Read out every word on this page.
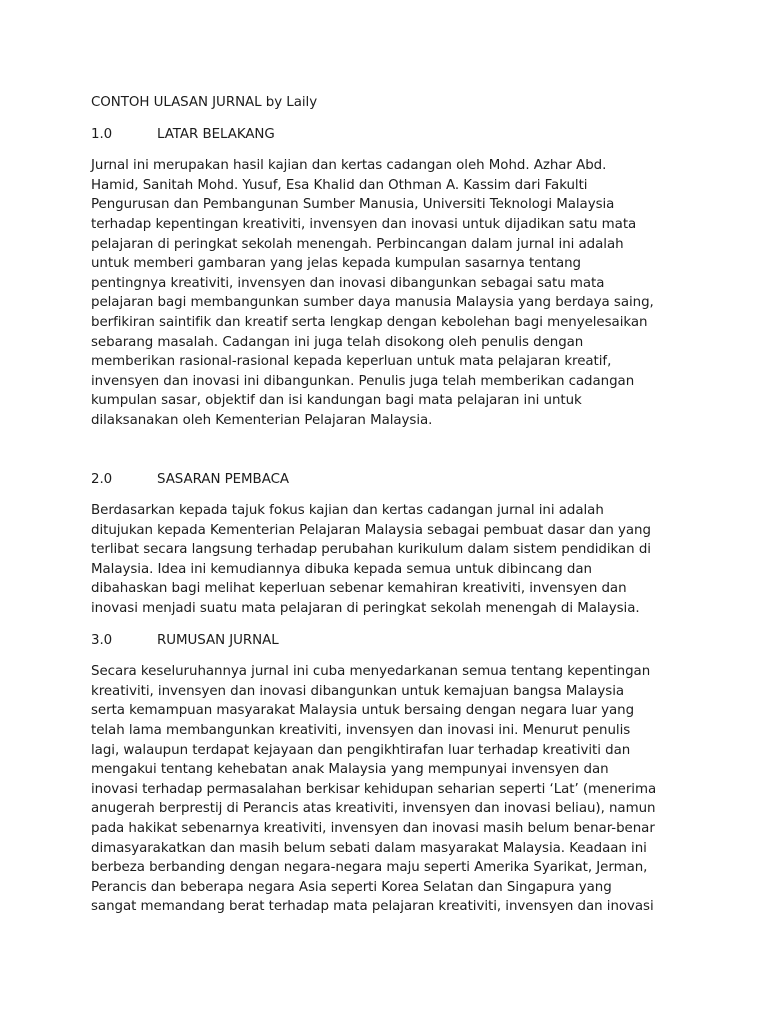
CONTOH ULASAN JURNAL by Laily
1.0	LATAR BELAKANG
Jurnal ini merupakan hasil kajian dan kertas cadangan oleh Mohd. Azhar Abd.
Hamid, Sanitah Mohd. Yusuf, Esa Khalid dan Othman A. Kassim dari Fakulti
Pengurusan dan Pembangunan Sumber Manusia, Universiti Teknologi Malaysia
terhadap kepentingan kreativiti, invensyen dan inovasi untuk dijadikan satu mata
pelajaran di peringkat sekolah menengah. Perbincangan dalam jurnal ini adalah
untuk memberi gambaran yang jelas kepada kumpulan sasarnya tentang
pentingnya kreativiti, invensyen dan inovasi dibangunkan sebagai satu mata
pelajaran bagi membangunkan sumber daya manusia Malaysia yang berdaya saing,
berfikiran saintifik dan kreatif serta lengkap dengan kebolehan bagi menyelesaikan
sebarang masalah. Cadangan ini juga telah disokong oleh penulis dengan
memberikan rasional-rasional kepada keperluan untuk mata pelajaran kreatif,
invensyen dan inovasi ini dibangunkan. Penulis juga telah memberikan cadangan
kumpulan sasar, objektif dan isi kandungan bagi mata pelajaran ini untuk
dilaksanakan oleh Kementerian Pelajaran Malaysia.
2.0	SASARAN PEMBACA
Berdasarkan kepada tajuk fokus kajian dan kertas cadangan jurnal ini adalah
ditujukan kepada Kementerian Pelajaran Malaysia sebagai pembuat dasar dan yang
terlibat secara langsung terhadap perubahan kurikulum dalam sistem pendidikan di
Malaysia. Idea ini kemudiannya dibuka kepada semua untuk dibincang dan
dibahaskan bagi melihat keperluan sebenar kemahiran kreativiti, invensyen dan
inovasi menjadi suatu mata pelajaran di peringkat sekolah menengah di Malaysia.
3.0	RUMUSAN JURNAL
Secara keseluruhannya jurnal ini cuba menyedarkanan semua tentang kepentingan
kreativiti, invensyen dan inovasi dibangunkan untuk kemajuan bangsa Malaysia
serta kemampuan masyarakat Malaysia untuk bersaing dengan negara luar yang
telah lama membangunkan kreativiti, invensyen dan inovasi ini. Menurut penulis
lagi, walaupun terdapat kejayaan dan pengikhtirafan luar terhadap kreativiti dan
mengakui tentang kehebatan anak Malaysia yang mempunyai invensyen dan
inovasi terhadap permasalahan berkisar kehidupan seharian seperti ‘Lat’ (menerima
anugerah berprestij di Perancis atas kreativiti, invensyen dan inovasi beliau), namun
pada hakikat sebenarnya kreativiti, invensyen dan inovasi masih belum benar-benar
dimasyarakatkan dan masih belum sebati dalam masyarakat Malaysia. Keadaan ini
berbeza berbanding dengan negara-negara maju seperti Amerika Syarikat, Jerman,
Perancis dan beberapa negara Asia seperti Korea Selatan dan Singapura yang
sangat memandang berat terhadap mata pelajaran kreativiti, invensyen dan inovasi
